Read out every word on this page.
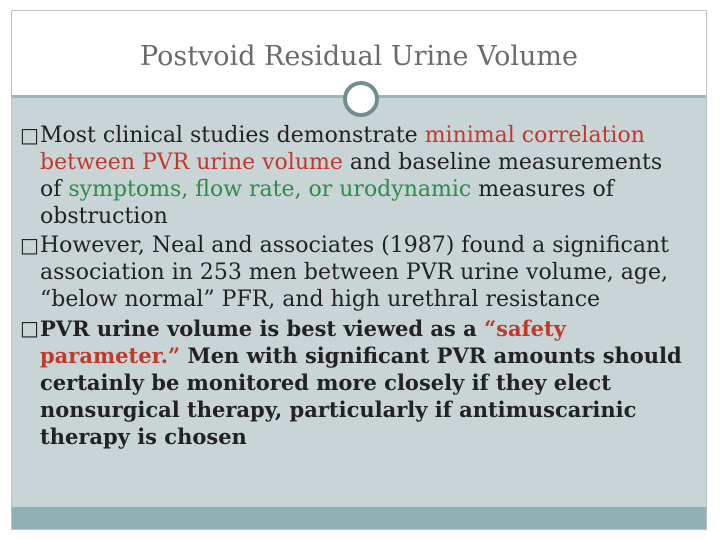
Postvoid Residual Urine Volume
□ Most clinical studies demonstrate minimal correlation between PVR urine volume and baseline measurements of symptoms, flow rate, or urodynamic measures of obstruction
□ However, Neal and associates (1987) found a significant association in 253 men between PVR urine volume, age, “below normal” PFR, and high urethral resistance
□ PVR urine volume is best viewed as a “safety parameter.” Men with significant PVR amounts should certainly be monitored more closely if they elect nonsurgical therapy, particularly if antimuscarinic therapy is chosen
